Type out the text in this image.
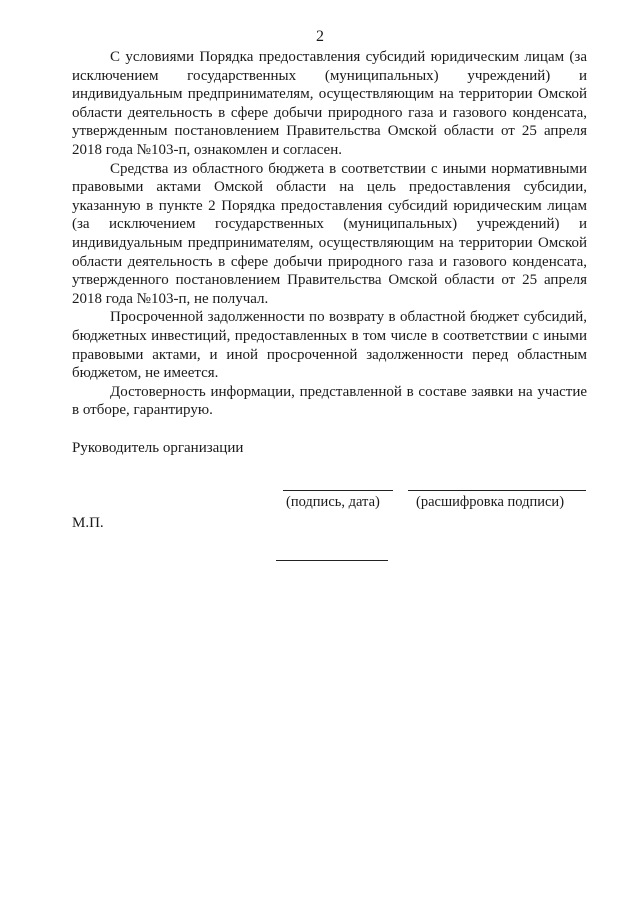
2

С условиями Порядка предоставления субсидий юридическим лицам (за исключением государственных (муниципальных) учреждений) и индивидуальным предпринимателям, осуществляющим на территории Омской области деятельность в сфере добычи природного газа и газового конденсата, утвержденным постановлением Правительства Омской области от 25 апреля 2018 года №103-п, ознакомлен и согласен.

Средства из областного бюджета в соответствии с иными нормативными правовыми актами Омской области на цель предоставления субсидии, указанную в пункте 2 Порядка предоставления субсидий юридическим лицам (за исключением государственных (муниципальных) учреждений) и индивидуальным предпринимателям, осуществляющим на территории Омской области деятельность в сфере добычи природного газа и газового конденсата, утвержденного постановлением Правительства Омской области от 25 апреля 2018 года №103-п, не получал.

Просроченной задолженности по возврату в областной бюджет субсидий, бюджетных инвестиций, предоставленных в том числе в соответствии с иными правовыми актами, и иной просроченной задолженности перед областным бюджетом, не имеется.

Достоверность информации, представленной в составе заявки на участие в отборе, гарантирую.

Руководитель организации
(подпись, дата) (расшифровка подписи)
М.П.
